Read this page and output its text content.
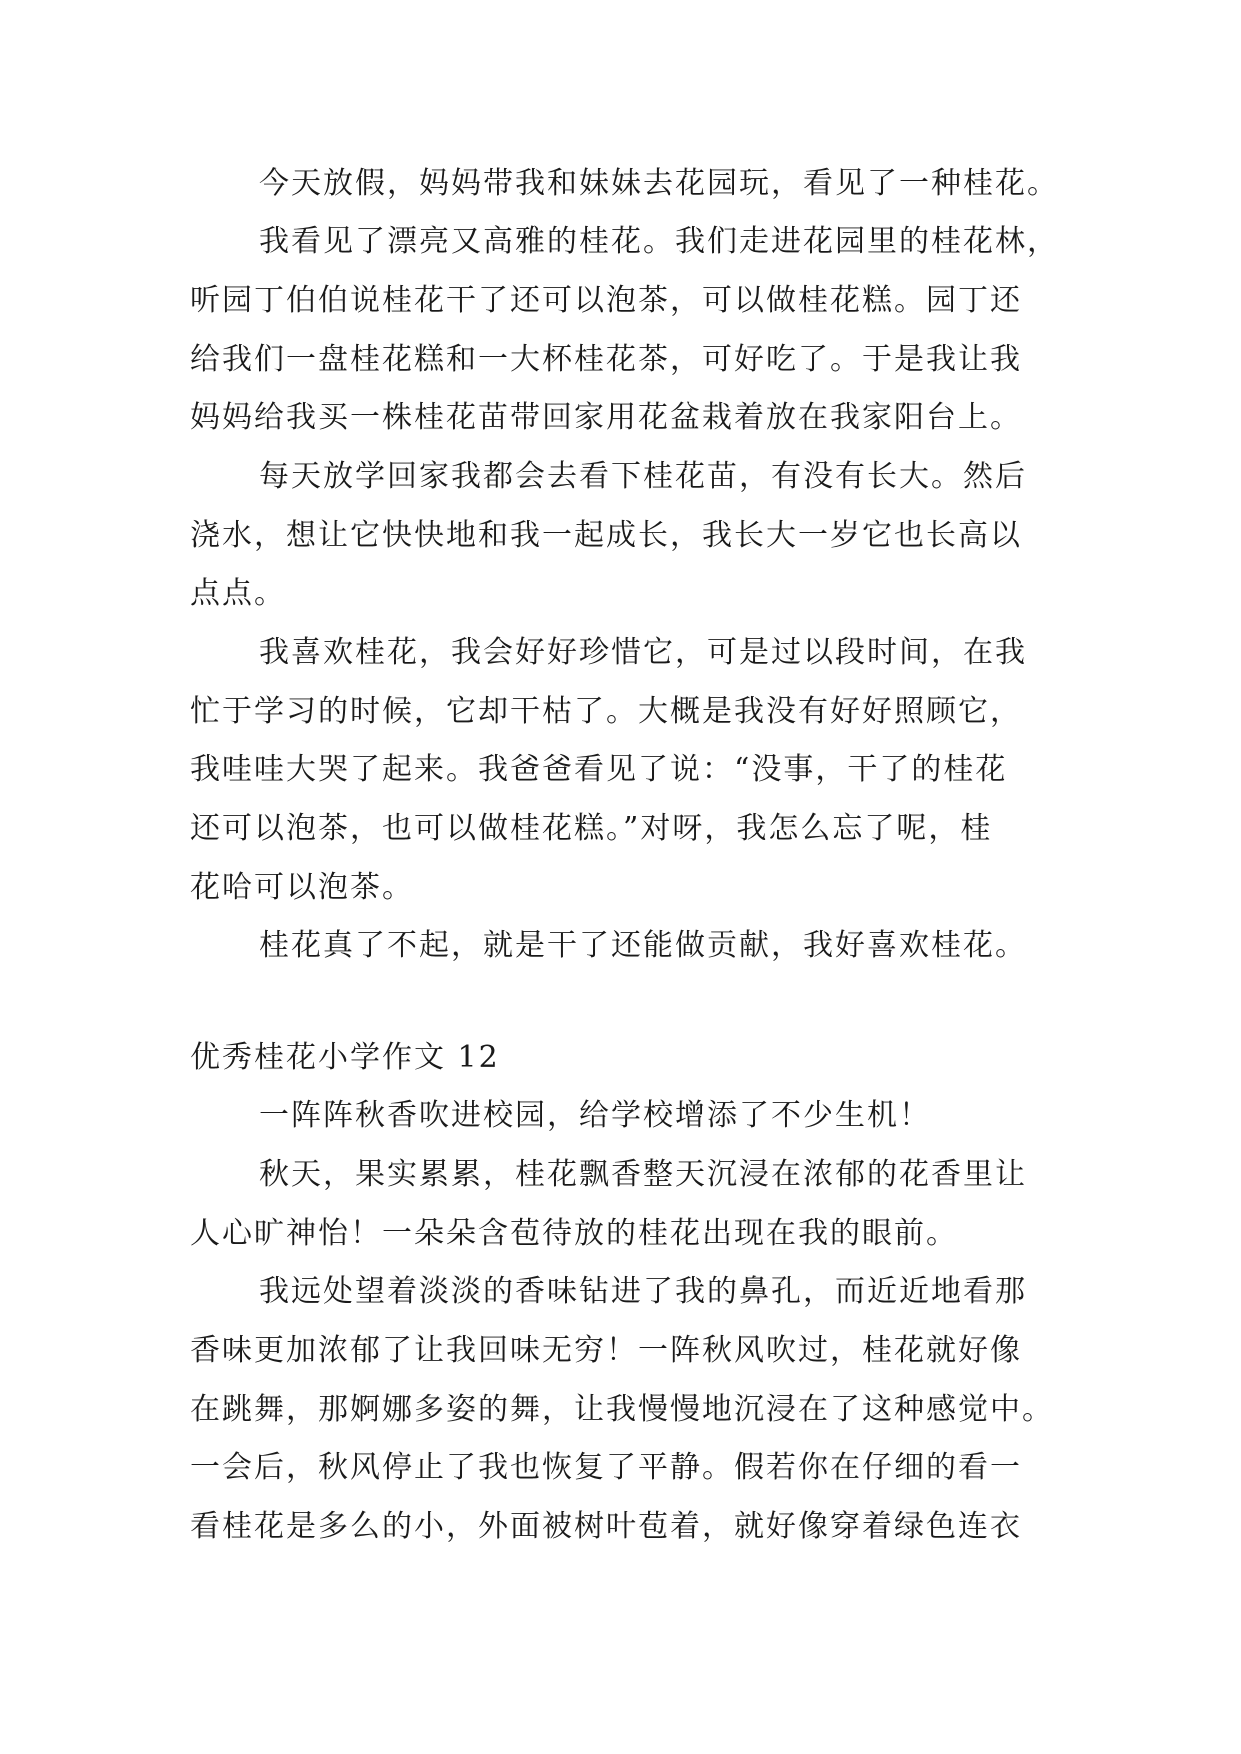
今天放假，妈妈带我和妹妹去花园玩，看见了一种桂花。
我看见了漂亮又高雅的桂花。我们走进花园里的桂花林，
听园丁伯伯说桂花干了还可以泡茶，可以做桂花糕。园丁还
给我们一盘桂花糕和一大杯桂花茶，可好吃了。于是我让我
妈妈给我买一株桂花苗带回家用花盆栽着放在我家阳台上。
每天放学回家我都会去看下桂花苗，有没有长大。然后
浇水，想让它快快地和我一起成长，我长大一岁它也长高以
点点。
我喜欢桂花，我会好好珍惜它，可是过以段时间，在我
忙于学习的时候，它却干枯了。大概是我没有好好照顾它，
我哇哇大哭了起来。我爸爸看见了说：“没事，干了的桂花
还可以泡茶，也可以做桂花糕。”对呀，我怎么忘了呢，桂
花哈可以泡茶。
桂花真了不起，就是干了还能做贡献，我好喜欢桂花。
优秀桂花小学作文 12
一阵阵秋香吹进校园，给学校增添了不少生机！
秋天，果实累累，桂花飘香整天沉浸在浓郁的花香里让
人心旷神怡！一朵朵含苞待放的桂花出现在我的眼前。
我远处望着淡淡的香味钻进了我的鼻孔，而近近地看那
香味更加浓郁了让我回味无穷！一阵秋风吹过，桂花就好像
在跳舞，那婀娜多姿的舞，让我慢慢地沉浸在了这种感觉中。
一会后，秋风停止了我也恢复了平静。假若你在仔细的看一
看桂花是多么的小，外面被树叶苞着，就好像穿着绿色连衣
